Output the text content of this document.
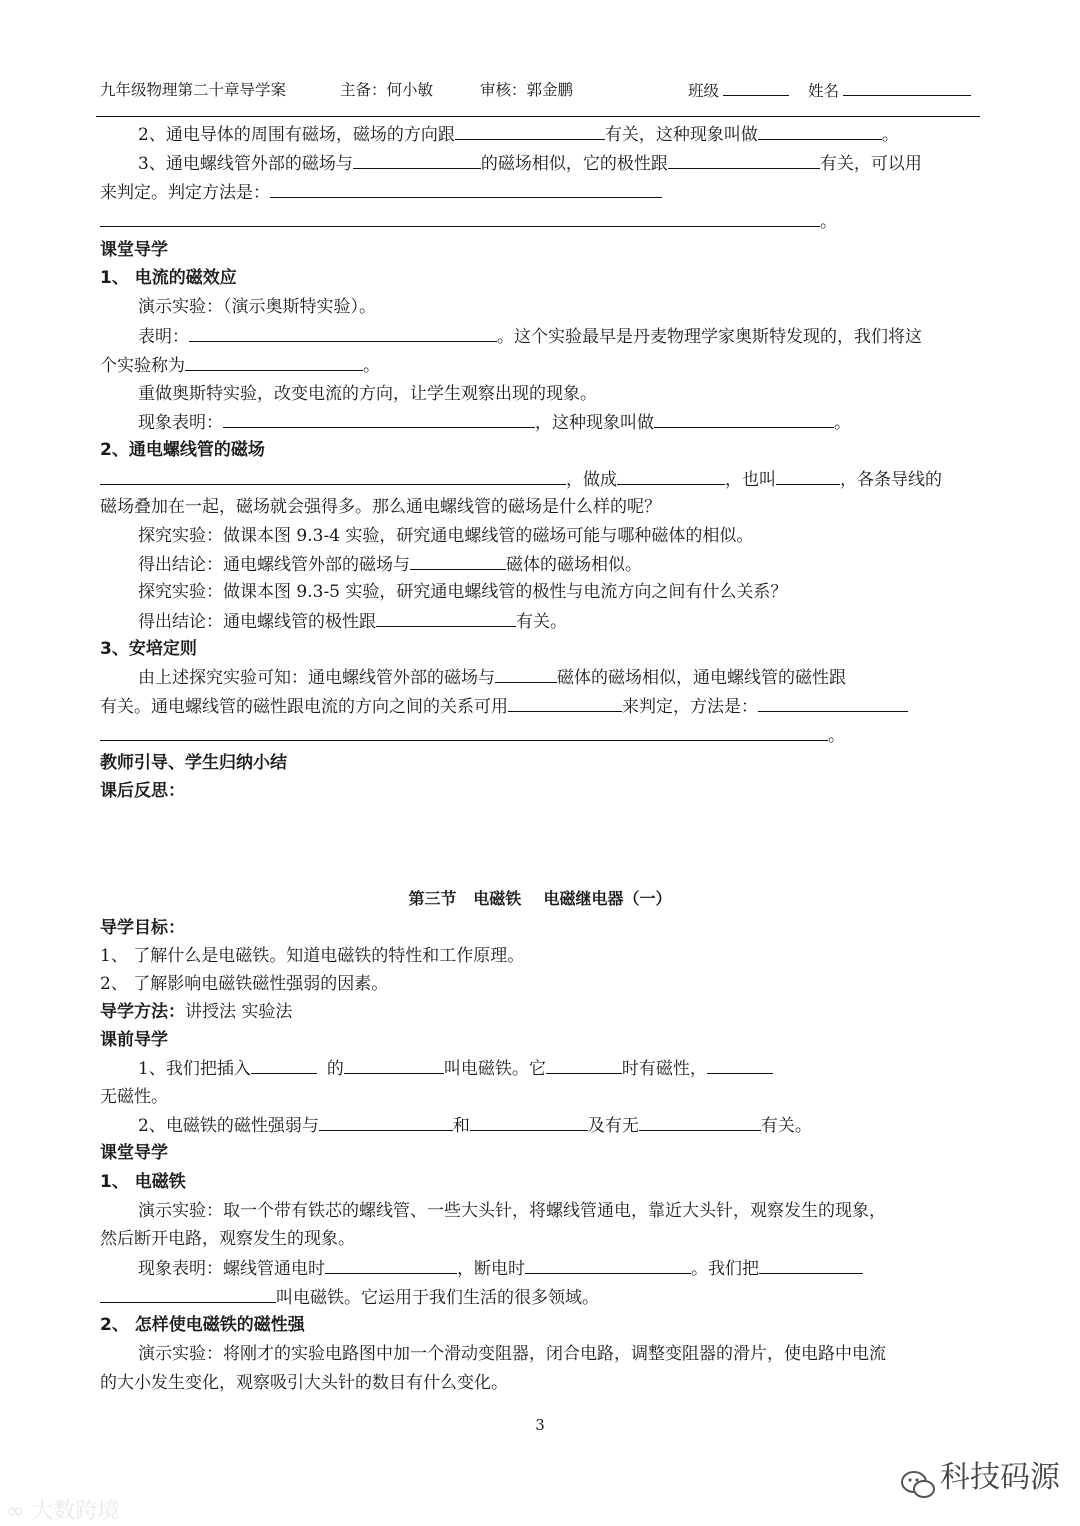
九年级物理第二十章导学案	主备：何小敏	审核：郭金鹏	班级	姓名
2、通电导体的周围有磁场，磁场的方向跟	有关，这种现象叫做	。
3、通电螺线管外部的磁场与	的磁场相似，它的极性跟	有关，可以用
来判定。判定方法是：
。
课堂导学
1、 电流的磁效应
演示实验：（演示奥斯特实验）。
表明：	。这个实验最早是丹麦物理学家奥斯特发现的，我们将这
个实验称为	。
重做奥斯特实验，改变电流的方向，让学生观察出现的现象。
现象表明：	，这种现象叫做	。
2、通电螺线管的磁场
，做成	，也叫	，各条导线的
磁场叠加在一起，磁场就会强得多。那么通电螺线管的磁场是什么样的呢？
探究实验：做课本图 9.3-4 实验，研究通电螺线管的磁场可能与哪种磁体的相似。
得出结论：通电螺线管外部的磁场与	磁体的磁场相似。
探究实验：做课本图 9.3-5 实验，研究通电螺线管的极性与电流方向之间有什么关系？
得出结论：通电螺线管的极性跟	有关。
3、安培定则
由上述探究实验可知：通电螺线管外部的磁场与	磁体的磁场相似，通电螺线管的磁性跟
有关。通电螺线管的磁性跟电流的方向之间的关系可用	来判定，方法是：
。
教师引导、学生归纳小结
课后反思：
第三节   电磁铁    电磁继电器（一）
导学目标：
1、 了解什么是电磁铁。知道电磁铁的特性和工作原理。
2、 了解影响电磁铁磁性强弱的因素。
导学方法：讲授法 实验法
课前导学
1、我们把插入	的	叫电磁铁。它	时有磁性，
无磁性。
2、电磁铁的磁性强弱与	和	及有无	有关。
课堂导学
1、 电磁铁
演示实验：取一个带有铁芯的螺线管、一些大头针，将螺线管通电，靠近大头针，观察发生的现象，
然后断开电路，观察发生的现象。
现象表明：螺线管通电时	，断电时	。我们把
叫电磁铁。它运用于我们生活的很多领域。
2、 怎样使电磁铁的磁性强
演示实验：将刚才的实验电路图中加一个滑动变阻器，闭合电路，调整变阻器的滑片，使电路中电流
的大小发生变化，观察吸引大头针的数目有什么变化。
3
∞ 大数跨境
科技码源
